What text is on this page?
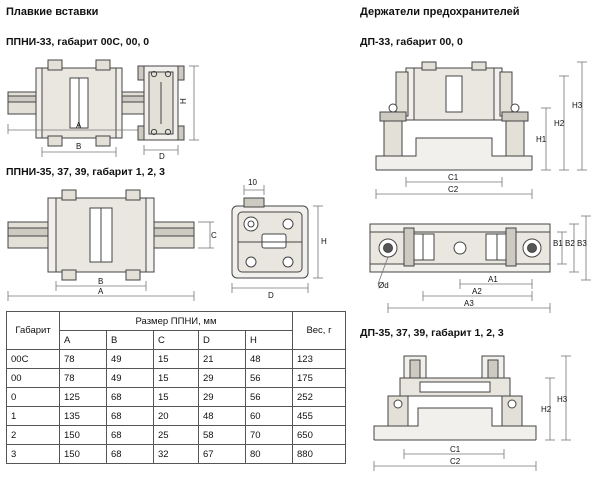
Плавкие вставки	Держатели предохранителей
ППНИ-33, габарит 00С, 00, 0	ДП-33, габарит 00, 0
ППНИ-35, 37, 39, габарит 1, 2, 3
ДП-35, 37, 39, габарит 1, 2, 3
B
A
H
D
B
A
C
10
H
D
Габарит	Размер ППНИ, мм					Вес, г
	A	B	C	D	H	
00С	78	49	15	21	48	123
00	78	49	15	29	56	175
0	125	68	15	29	56	252
1	135	68	20	48	60	455
2	150	68	25	58	70	650
3	150	68	32	67	80	880
H1
H2
H3
C1
C2
B1 B2 B3
A1
A2
A3
Ød
H2
H3
C1
C2
